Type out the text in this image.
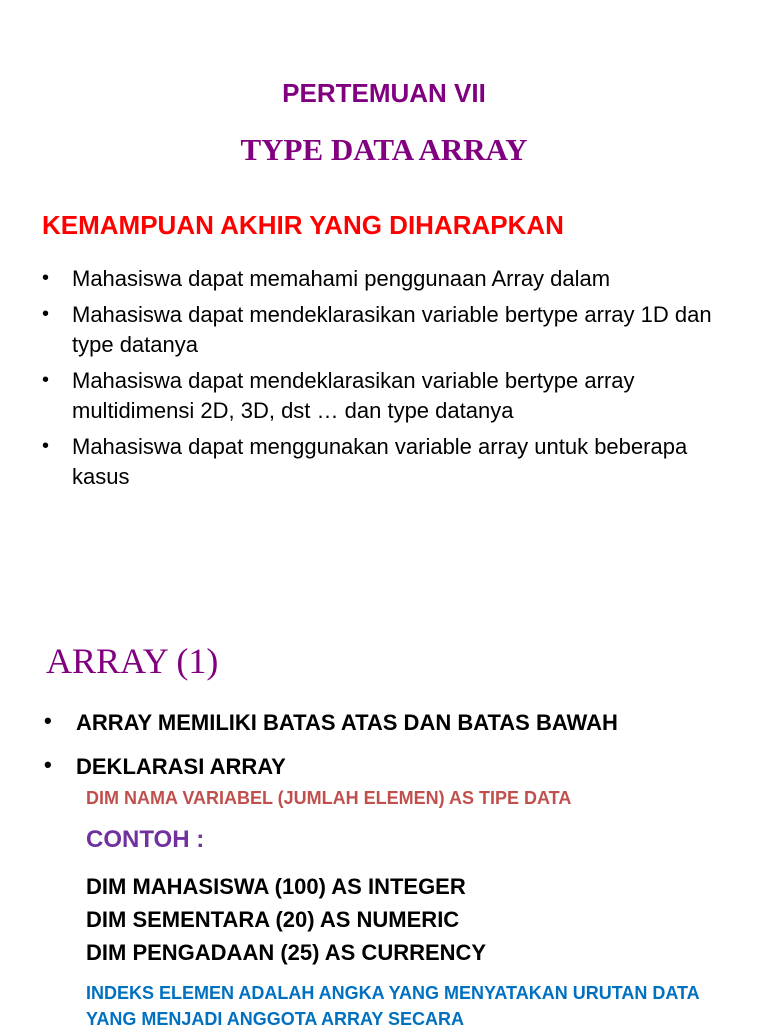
PERTEMUAN VII
TYPE DATA ARRAY
KEMAMPUAN AKHIR YANG DIHARAPKAN
• Mahasiswa dapat memahami penggunaan Array dalam
• Mahasiswa dapat mendeklarasikan variable bertype array 1D dan type datanya
• Mahasiswa dapat mendeklarasikan variable bertype array multidimensi 2D, 3D, dst … dan type datanya
• Mahasiswa dapat menggunakan variable array untuk beberapa kasus
ARRAY (1)
• ARRAY MEMILIKI BATAS ATAS DAN BATAS BAWAH
• DEKLARASI ARRAY
DIM NAMA VARIABEL (JUMLAH ELEMEN) AS TIPE DATA
CONTOH :
DIM MAHASISWA (100) AS INTEGER
DIM SEMENTARA (20) AS NUMERIC
DIM PENGADAAN (25) AS CURRENCY
INDEKS ELEMEN ADALAH ANGKA YANG MENYATAKAN URUTAN DATA YANG MENJADI ANGGOTA ARRAY SECARA
